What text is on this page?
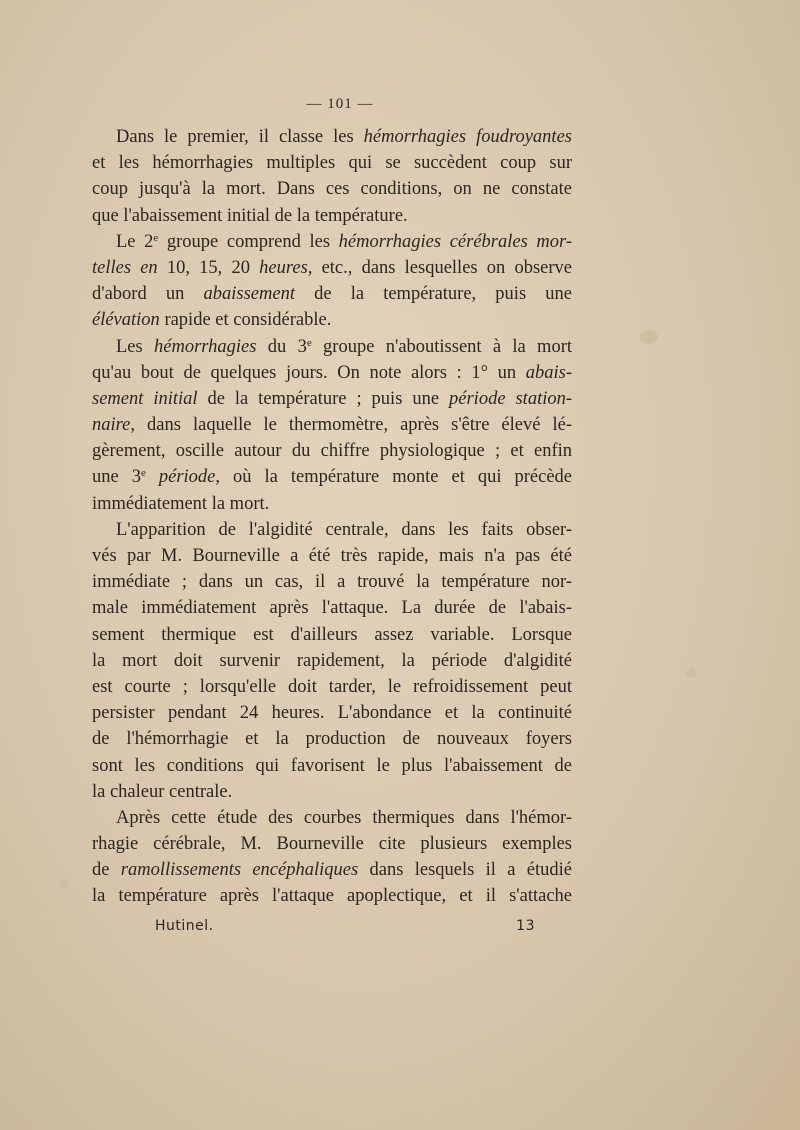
— 101 —
Dans le premier, il classe les hémorrhagies foudroyantes
et les hémorrhagies multiples qui se succèdent coup sur
coup jusqu'à la mort. Dans ces conditions, on ne constate
que l'abaissement initial de la température.
Le 2e groupe comprend les hémorrhagies cérébrales mor-
telles en 10, 15, 20 heures, etc., dans lesquelles on observe
d'abord un abaissement de la température, puis une
élévation rapide et considérable.
Les hémorrhagies du 3e groupe n'aboutissent à la mort
qu'au bout de quelques jours. On note alors : 1° un abais-
sement initial de la température ; puis une période station-
naire, dans laquelle le thermomètre, après s'être élevé lé-
gèrement, oscille autour du chiffre physiologique ; et enfin
une 3e période, où la température monte et qui précède
immédiatement la mort.
L'apparition de l'algidité centrale, dans les faits obser-
vés par M. Bourneville a été très rapide, mais n'a pas été
immédiate ; dans un cas, il a trouvé la température nor-
male immédiatement après l'attaque. La durée de l'abais-
sement thermique est d'ailleurs assez variable. Lorsque
la mort doit survenir rapidement, la période d'algidité
est courte ; lorsqu'elle doit tarder, le refroidissement peut
persister pendant 24 heures. L'abondance et la continuité
de l'hémorrhagie et la production de nouveaux foyers
sont les conditions qui favorisent le plus l'abaissement de
la chaleur centrale.
Après cette étude des courbes thermiques dans l'hémor-
rhagie cérébrale, M. Bourneville cite plusieurs exemples
de ramollissements encéphaliques dans lesquels il a étudié
la température après l'attaque apoplectique, et il s'attache
Hutinel.	13
